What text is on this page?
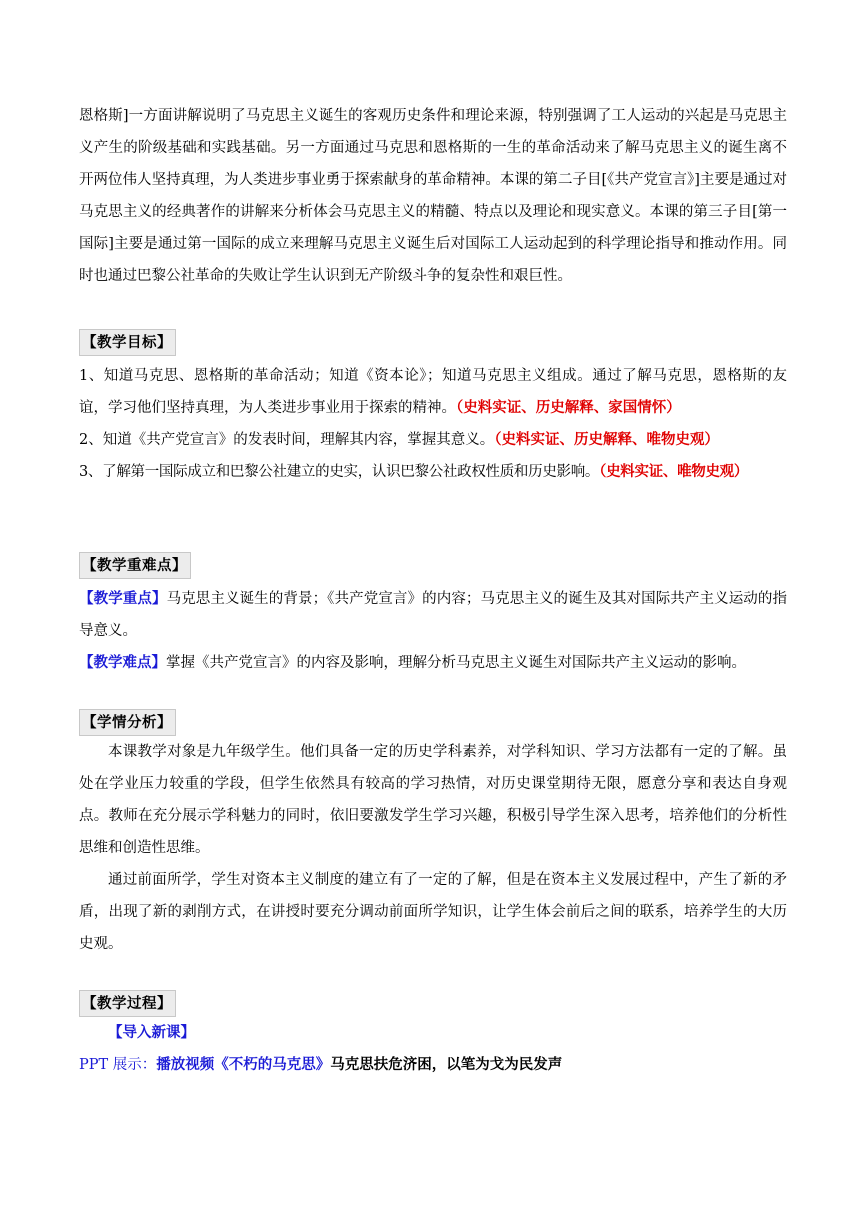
恩格斯]一方面讲解说明了马克思主义诞生的客观历史条件和理论来源，特别强调了工人运动的兴起是马克思主义产生的阶级基础和实践基础。另一方面通过马克思和恩格斯的一生的革命活动来了解马克思主义的诞生离不开两位伟人坚持真理，为人类进步事业勇于探索献身的革命精神。本课的第二子目[《共产党宣言》]主要是通过对马克思主义的经典著作的讲解来分析体会马克思主义的精髓、特点以及理论和现实意义。本课的第三子目[第一国际]主要是通过第一国际的成立来理解马克思主义诞生后对国际工人运动起到的科学理论指导和推动作用。同时也通过巴黎公社革命的失败让学生认识到无产阶级斗争的复杂性和艰巨性。

【教学目标】

1、知道马克思、恩格斯的革命活动；知道《资本论》；知道马克思主义组成。通过了解马克思，恩格斯的友谊，学习他们坚持真理，为人类进步事业用于探索的精神。（史料实证、历史解释、家国情怀）

2、知道《共产党宣言》的发表时间，理解其内容，掌握其意义。（史料实证、历史解释、唯物史观）

3、了解第一国际成立和巴黎公社建立的史实，认识巴黎公社政权性质和历史影响。（史料实证、唯物史观）

【教学重难点】

【教学重点】马克思主义诞生的背景；《共产党宣言》的内容；马克思主义的诞生及其对国际共产主义运动的指导意义。

【教学难点】掌握《共产党宣言》的内容及影响，理解分析马克思主义诞生对国际共产主义运动的影响。

【学情分析】

本课教学对象是九年级学生。他们具备一定的历史学科素养，对学科知识、学习方法都有一定的了解。虽处在学业压力较重的学段，但学生依然具有较高的学习热情，对历史课堂期待无限，愿意分享和表达自身观点。教师在充分展示学科魅力的同时，依旧要激发学生学习兴趣，积极引导学生深入思考，培养他们的分析性思维和创造性思维。

通过前面所学，学生对资本主义制度的建立有了一定的了解，但是在资本主义发展过程中，产生了新的矛盾，出现了新的剥削方式，在讲授时要充分调动前面所学知识，让学生体会前后之间的联系，培养学生的大历史观。

【教学过程】

【导入新课】

PPT 展示：播放视频《不朽的马克思》马克思扶危济困，以笔为戈为民发声
